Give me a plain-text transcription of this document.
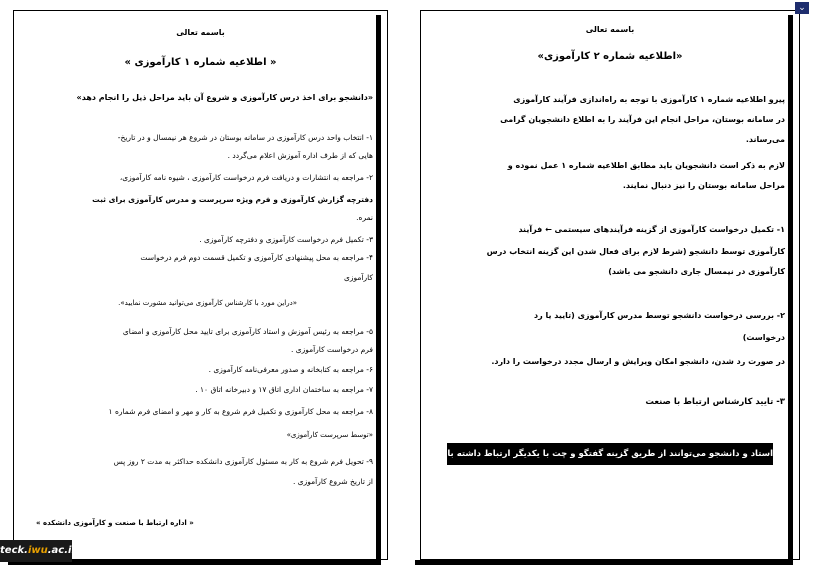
باسمه تعالی
« اطلاعیه شماره ۱ کارآموزی »
«دانشجو برای اخذ درس کارآموزی و شروع آن باید مراحل ذیل را انجام دهد»
۱- انتخاب واحد درس کارآموزی در سامانه بوستان در شروع هر نیمسال و در تاریخ-
هایی که از طرف اداره آموزش اعلام می‌گردد .
۲- مراجعه به انتشارات و دریافت فرم درخواست کارآموزی ، شیوه نامه کارآموزی،
دفترچه گزارش کارآموزی و فرم ویژه سرپرست و مدرس کارآموزی برای ثبت
نمره.
۳- تکمیل فرم درخواست کارآموزی و دفترچه کارآموزی .
۴- مراجعه به محل پیشنهادی کارآموزی و تکمیل قسمت دوم فرم درخواست
کارآموزی
«دراین مورد با کارشناس کارآموزی می‌توانید مشورت نمایید».
۵- مراجعه به رئیس آموزش و استاد کارآموزی برای تایید محل کارآموزی و امضای
فرم درخواست کارآموزی .
۶- مراجعه به کتابخانه و صدور معرفی‌نامه کارآموزی .
۷- مراجعه به ساختمان اداری اتاق ۱۷ و دبیرخانه اتاق ۱۰ .
۸- مراجعه به محل کارآموزی و تکمیل فرم شروع به کار و مهر و امضای فرم شماره ۱
«توسط سرپرست کارآموزی»
۹- تحویل فرم شروع به کار به مسئول کارآموزی دانشکده حداکثر به مدت ۲ روز پس
از تاریخ شروع کارآموزی .
« اداره ارتباط با صنعت و کارآموزی دانشکده »
باسمه تعالی
«اطلاعیه شماره ۲ کارآموزی»
پیرو اطلاعیه شماره ۱ کارآموزی با توجه به راه‌اندازی فرآیند کارآموزی
در سامانه بوستان، مراحل انجام این فرآیند را به اطلاع دانشجویان گرامی
می‌رساند.
لازم به ذکر است دانشجویان باید مطابق اطلاعیه شماره ۱ عمل نموده و
مراحل سامانه بوستان را نیز دنبال نمایند.
۱- تکمیل درخواست کارآموزی از گزینه فرآیندهای سیستمی ← فرآیند
کارآموزی توسط دانشجو (شرط لازم برای فعال شدن این گزینه انتخاب درس
کارآموزی در نیمسال جاری دانشجو می باشد)
۲- بررسی درخواست دانشجو توسط مدرس کارآموزی (تایید یا رد
درخواست)
در صورت رد شدن، دانشجو امکان ویرایش و ارسال مجدد درخواست را دارد.
۳- تایید کارشناس ارتباط با صنعت
استاد و دانشجو می‌توانند از طریق گزینه گفتگو و چت با یکدیگر ارتباط داشته باشند
teck.iwu.ac.ir
⌄
